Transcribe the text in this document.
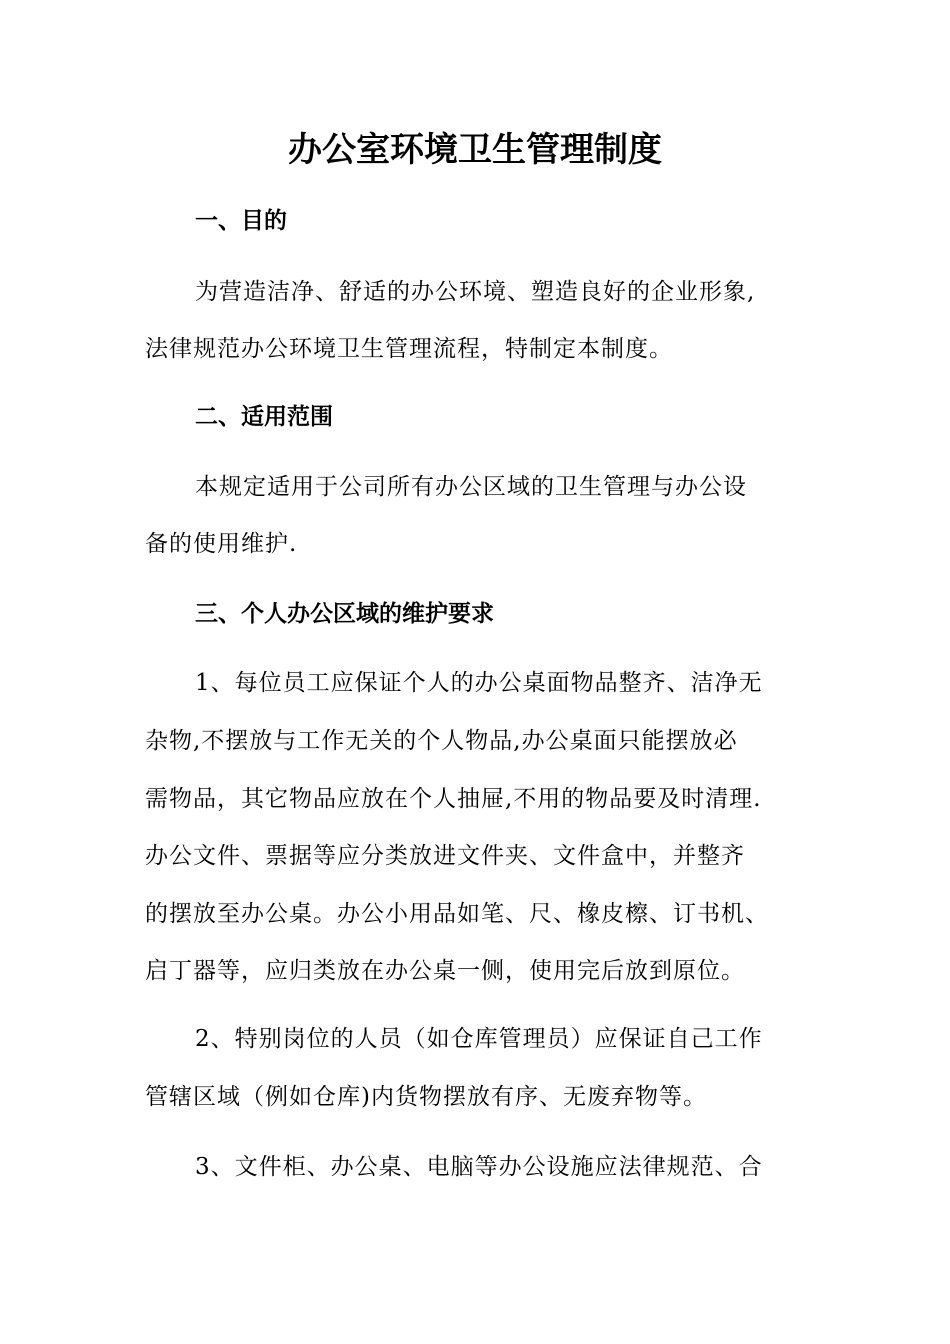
办公室环境卫生管理制度
一、目的
为营造洁净、舒适的办公环境、塑造良好的企业形象,
法律规范办公环境卫生管理流程，特制定本制度。
二、适用范围
本规定适用于公司所有办公区域的卫生管理与办公设
备的使用维护.
三、个人办公区域的维护要求
1、每位员工应保证个人的办公桌面物品整齐、洁净无
杂物,不摆放与工作无关的个人物品,办公桌面只能摆放必
需物品，其它物品应放在个人抽屉,不用的物品要及时清理.
办公文件、票据等应分类放进文件夹、文件盒中，并整齐
的摆放至办公桌。办公小用品如笔、尺、橡皮檫、订书机、
启丁器等，应归类放在办公桌一侧，使用完后放到原位。
2、特别岗位的人员（如仓库管理员）应保证自己工作
管辖区域（例如仓库)内货物摆放有序、无废弃物等。
3、文件柜、办公桌、电脑等办公设施应法律规范、合
